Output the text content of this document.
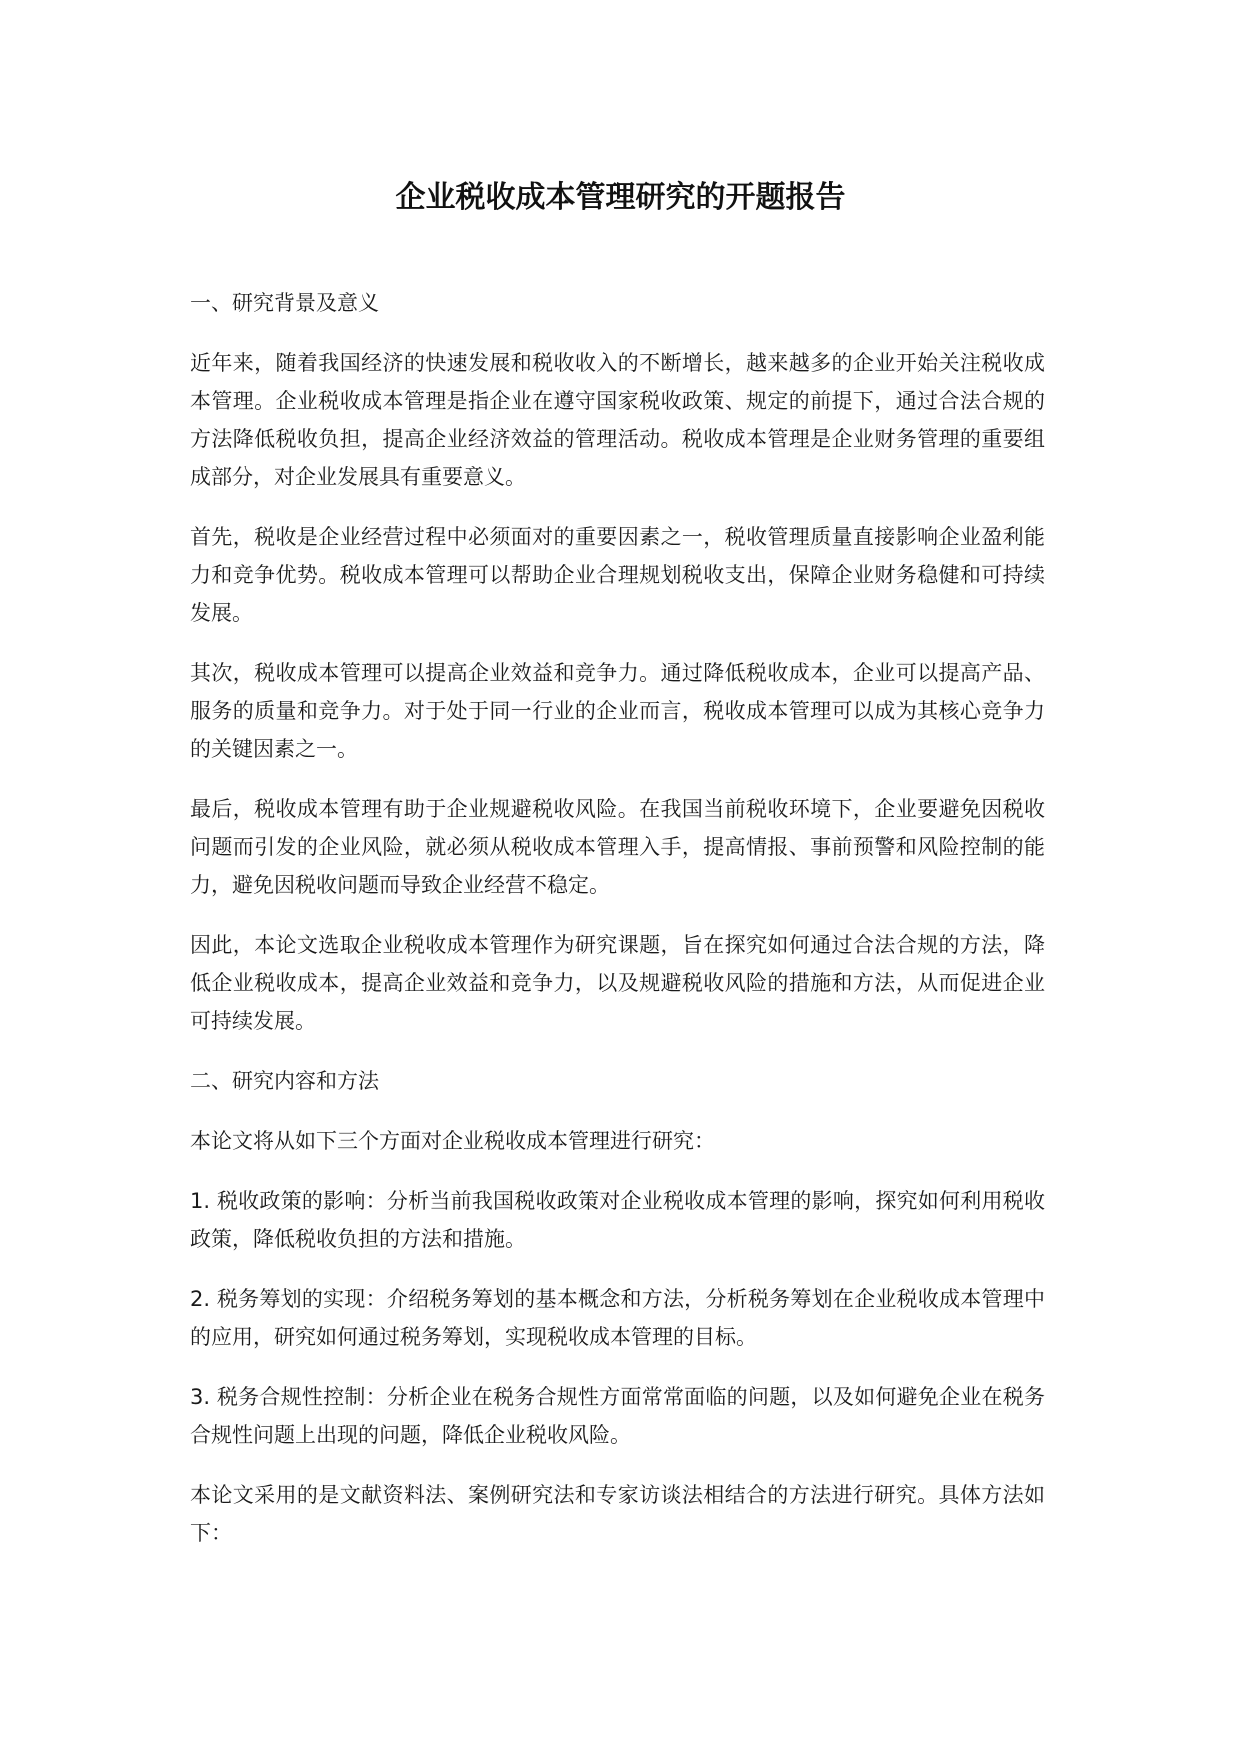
企业税收成本管理研究的开题报告

一、研究背景及意义

近年来，随着我国经济的快速发展和税收收入的不断增长，越来越多的企业开始关注税收成本管理。企业税收成本管理是指企业在遵守国家税收政策、规定的前提下，通过合法合规的方法降低税收负担，提高企业经济效益的管理活动。税收成本管理是企业财务管理的重要组成部分，对企业发展具有重要意义。

首先，税收是企业经营过程中必须面对的重要因素之一，税收管理质量直接影响企业盈利能力和竞争优势。税收成本管理可以帮助企业合理规划税收支出，保障企业财务稳健和可持续发展。

其次，税收成本管理可以提高企业效益和竞争力。通过降低税收成本，企业可以提高产品、服务的质量和竞争力。对于处于同一行业的企业而言，税收成本管理可以成为其核心竞争力的关键因素之一。

最后，税收成本管理有助于企业规避税收风险。在我国当前税收环境下，企业要避免因税收问题而引发的企业风险，就必须从税收成本管理入手，提高情报、事前预警和风险控制的能力，避免因税收问题而导致企业经营不稳定。

因此，本论文选取企业税收成本管理作为研究课题，旨在探究如何通过合法合规的方法，降低企业税收成本，提高企业效益和竞争力，以及规避税收风险的措施和方法，从而促进企业可持续发展。

二、研究内容和方法

本论文将从如下三个方面对企业税收成本管理进行研究：

1. 税收政策的影响：分析当前我国税收政策对企业税收成本管理的影响，探究如何利用税收政策，降低税收负担的方法和措施。

2. 税务筹划的实现：介绍税务筹划的基本概念和方法，分析税务筹划在企业税收成本管理中的应用，研究如何通过税务筹划，实现税收成本管理的目标。

3. 税务合规性控制：分析企业在税务合规性方面常常面临的问题，以及如何避免企业在税务合规性问题上出现的问题，降低企业税收风险。

本论文采用的是文献资料法、案例研究法和专家访谈法相结合的方法进行研究。具体方法如下：
